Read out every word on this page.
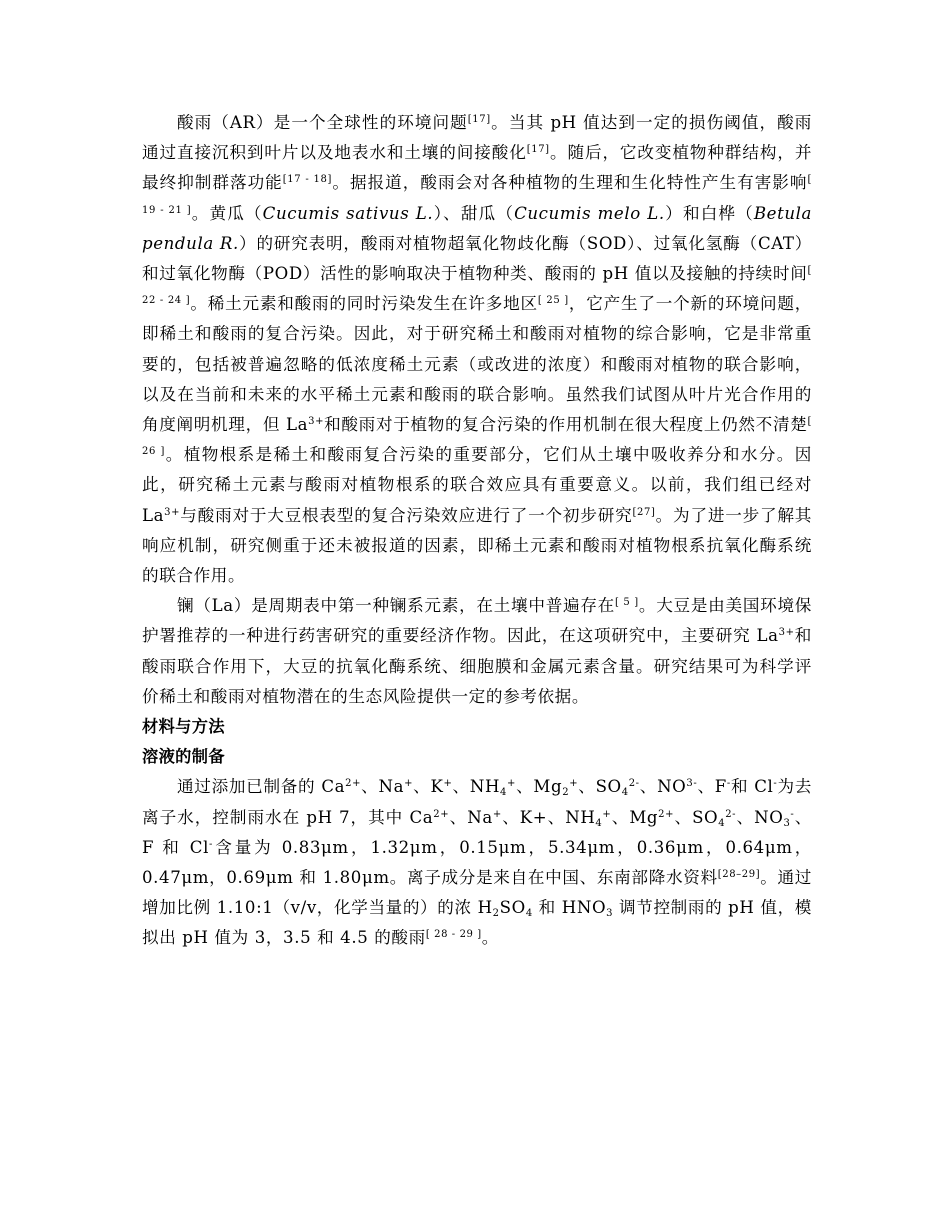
酸雨（AR）是一个全球性的环境问题[17]。当其 pH 值达到一定的损伤阈值，酸雨通过直接沉积到叶片以及地表水和土壤的间接酸化[17]。随后，它改变植物种群结构，并最终抑制群落功能[17 - 18]。据报道，酸雨会对各种植物的生理和生化特性产生有害影响[ 19 - 21 ]。黄瓜（Cucumis sativus L.）、甜瓜（Cucumis melo L.）和白桦（Betula pendula R.）的研究表明，酸雨对植物超氧化物歧化酶（SOD）、过氧化氢酶（CAT）和过氧化物酶（POD）活性的影响取决于植物种类、酸雨的 pH 值以及接触的持续时间[ 22 - 24 ]。稀土元素和酸雨的同时污染发生在许多地区[ 25 ]，它产生了一个新的环境问题，即稀土和酸雨的复合污染。因此，对于研究稀土和酸雨对植物的综合影响，它是非常重要的，包括被普遍忽略的低浓度稀土元素（或改进的浓度）和酸雨对植物的联合影响，以及在当前和未来的水平稀土元素和酸雨的联合影响。虽然我们试图从叶片光合作用的角度阐明机理，但 $La^{3+}$和酸雨对于植物的复合污染的作用机制在很大程度上仍然不清楚[ 26 ]。植物根系是稀土和酸雨复合污染的重要部分，它们从土壤中吸收养分和水分。因此，研究稀土元素与酸雨对植物根系的联合效应具有重要意义。以前，我们组已经对 $La^{3+}$与酸雨对于大豆根表型的复合污染效应进行了一个初步研究[27]。为了进一步了解其响应机制，研究侧重于还未被报道的因素，即稀土元素和酸雨对植物根系抗氧化酶系统的联合作用。

镧（La）是周期表中第一种镧系元素，在土壤中普遍存在[ 5 ]。大豆是由美国环境保护署推荐的一种进行药害研究的重要经济作物。因此，在这项研究中，主要研究 $La^{3+}$和酸雨联合作用下，大豆的抗氧化酶系统、细胞膜和金属元素含量。研究结果可为科学评价稀土和酸雨对植物潜在的生态风险提供一定的参考依据。

材料与方法

溶液的制备

通过添加已制备的 $Ca^{2+}$、Na+、K+、$NH_4^+$、$Mg_2^+$、$SO_4^{2-}$、$NO^{3-}$、F-和 Cl-为去离子水，控制雨水在 pH 7，其中 $Ca^{2+}$、Na+、K+、$NH_4^+$、$Mg^{2+}$、$SO_4^{2-}$、$NO_3^-$、F 和 Cl-含量为 0.83μm，1.32μm，0.15μm，5.34μm，0.36μm，0.64μm，0.47μm，0.69μm 和 1.80μm。离子成分是来自在中国、东南部降水资料[28–29]。通过增加比例 1.10:1（v/v，化学当量的）的浓 $H_2SO_4$ 和 $HNO_3$ 调节控制雨的 pH 值，模拟出 pH 值为 3，3.5 和 4.5 的酸雨[ 28 - 29 ]。
